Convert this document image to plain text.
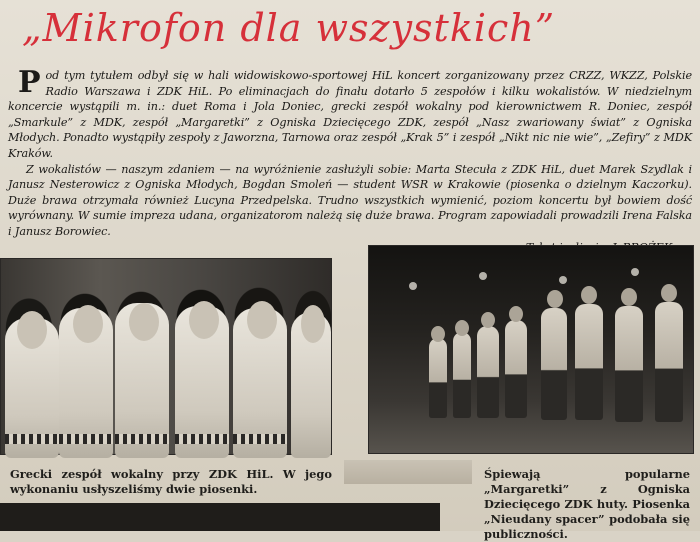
„Mikrofon dla wszystkich”

Pod tym tytułem odbył się w hali widowiskowo-sportowej HiL koncert zorganizowany przez CRZZ, WKZZ, Polskie Radio Warszawa i ZDK HiL. Po eliminacjach do finału dotarło 5 zespołów i kilku wokalistów. W niedzielnym koncercie wystąpili m. in.: duet Roma i Jola Doniec, grecki zespół wokalny pod kierownictwem R. Doniec, zespół „Smarkule” z MDK, zespół „Margaretki” z Ogniska Dziecięcego ZDK, zespół „Nasz zwariowany świat” z Ogniska Młodych. Ponadto wystąpiły zespoły z Jaworzna, Tarnowa oraz zespół „Krak 5” i zespół „Nikt nic nie wie”, „Zefiry” z MDK Kraków.

Z wokalistów — naszym zdaniem — na wyróżnienie zasłużyli sobie: Marta Stecuła z ZDK HiL, duet Marek Szydlak i Janusz Nesterowicz z Ogniska Młodych, Bogdan Smoleń — student WSR w Krakowie (piosenka o dzielnym Kaczorku). Duże brawa otrzymała również Lucyna Przedpelska. Trudno wszystkich wymienić, poziom koncertu był bowiem dość wyrównany. W sumie impreza udana, organizatorom należą się duże brawa. Program zapowiadali prowadzili Irena Falska i Janusz Borowiec.

Grecki zespół wokalny przy ZDK HiL. W jego wykonaniu usłyszeliśmy dwie piosenki.
Śpiewają popularne „Margaretki” z Ogniska Dziecięcego ZDK huty. Piosenka „Nieudany spacer” podobała się publiczności.
